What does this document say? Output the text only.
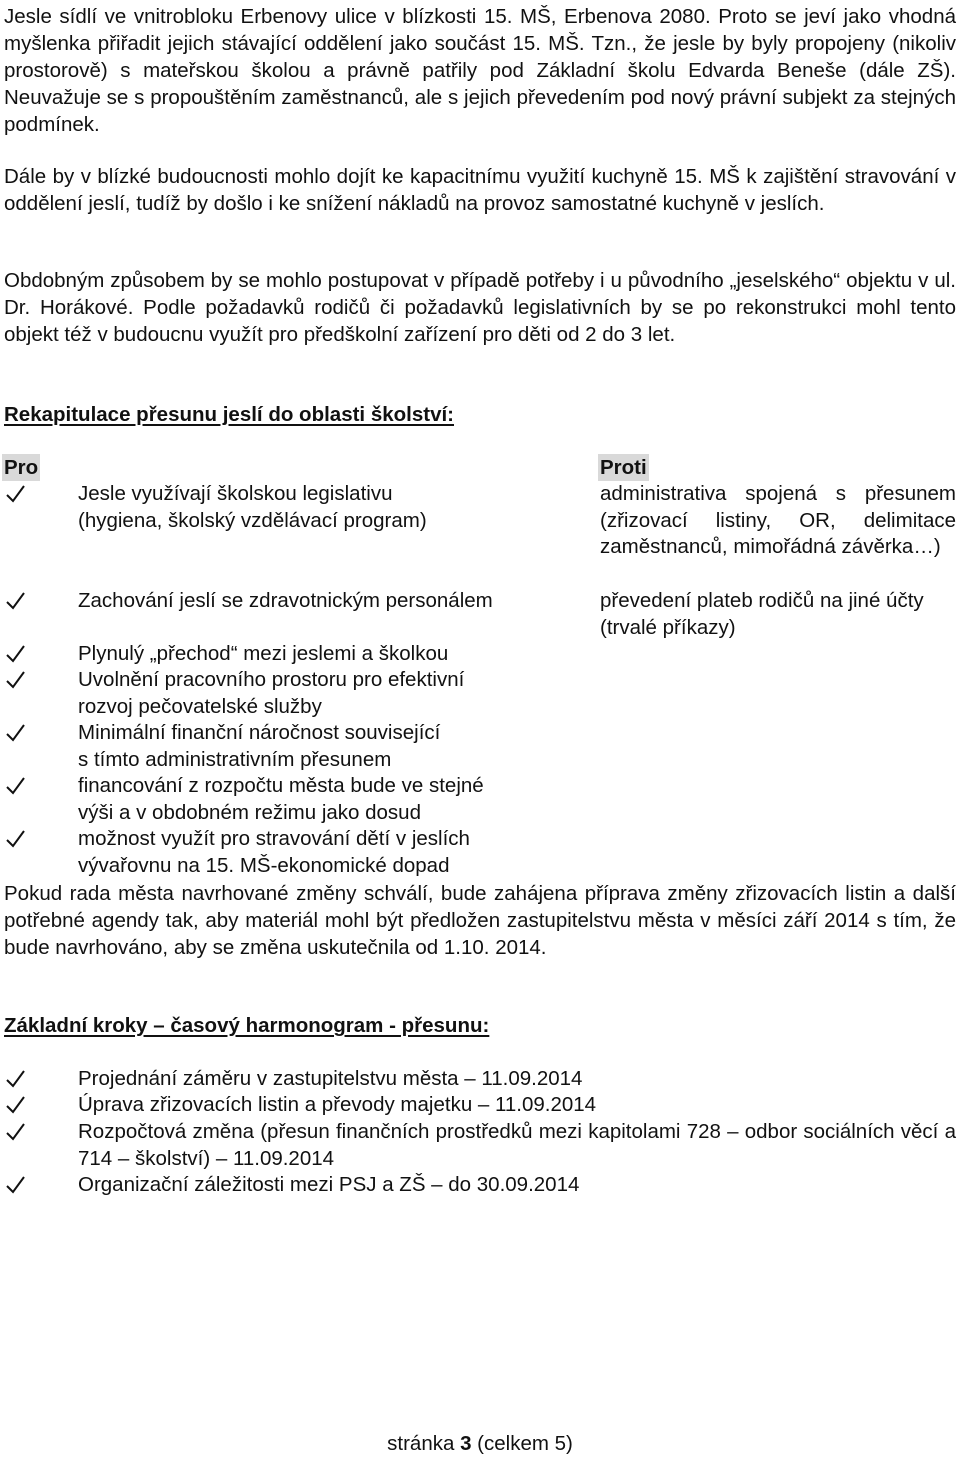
Jesle sídlí ve vnitrobloku Erbenovy ulice v blízkosti 15. MŠ, Erbenova 2080. Proto se jeví jako vhodná myšlenka přiřadit jejich stávající oddělení jako součást 15. MŠ. Tzn., že jesle by byly propojeny (nikoliv prostorově) s mateřskou školou a právně patřily pod Základní školu Edvarda Beneše (dále ZŠ). Neuvažuje se s propouštěním zaměstnanců, ale s jejich převedením pod nový právní subjekt za stejných podmínek.

Dále by v blízké budoucnosti mohlo dojít ke kapacitnímu využití kuchyně 15. MŠ k zajištění stravování v oddělení jeslí, tudíž by došlo i ke snížení nákladů na provoz samostatné kuchyně v jeslích.

Obdobným způsobem by se mohlo postupovat v případě potřeby i u původního „jeselského“ objektu v ul. Dr. Horákové. Podle požadavků rodičů či požadavků legislativních by se po rekonstrukci mohl tento objekt též v budoucnu využít pro předškolní zařízení pro děti od 2 do 3 let.

Rekapitulace přesunu jeslí do oblasti školství:

Pro	Proti

Jesle využívají školskou legislativu
(hygiena, školský vzdělávací program)
Zachování jeslí se zdravotnickým personálem
Plynulý „přechod“ mezi jeslemi a školkou
Uvolnění pracovního prostoru pro efektivní
rozvoj pečovatelské služby
Minimální finanční náročnost související
s tímto administrativním přesunem
financování z rozpočtu města bude ve stejné
výši a v obdobném režimu jako dosud
možnost využít pro stravování dětí v jeslích
vývařovnu na 15. MŠ-ekonomické dopad

administrativa spojená s přesunem (zřizovací listiny, OR, delimitace zaměstnanců, mimořádná závěrka…)

převedení plateb rodičů na jiné účty (trvalé příkazy)

Pokud rada města navrhované změny schválí, bude zahájena příprava změny zřizovacích listin a další potřebné agendy tak, aby materiál mohl být předložen zastupitelstvu města v měsíci září 2014 s tím, že bude navrhováno, aby se změna uskutečnila od 1.10. 2014.

Základní kroky – časový harmonogram - přesunu:

Projednání záměru v zastupitelstvu města – 11.09.2014
Úprava zřizovacích listin a převody majetku – 11.09.2014
Rozpočtová změna (přesun finančních prostředků mezi kapitolami 728 – odbor sociálních věcí a 714 – školství) – 11.09.2014
Organizační záležitosti mezi PSJ a ZŠ – do 30.09.2014
stránka 3 (celkem 5)
